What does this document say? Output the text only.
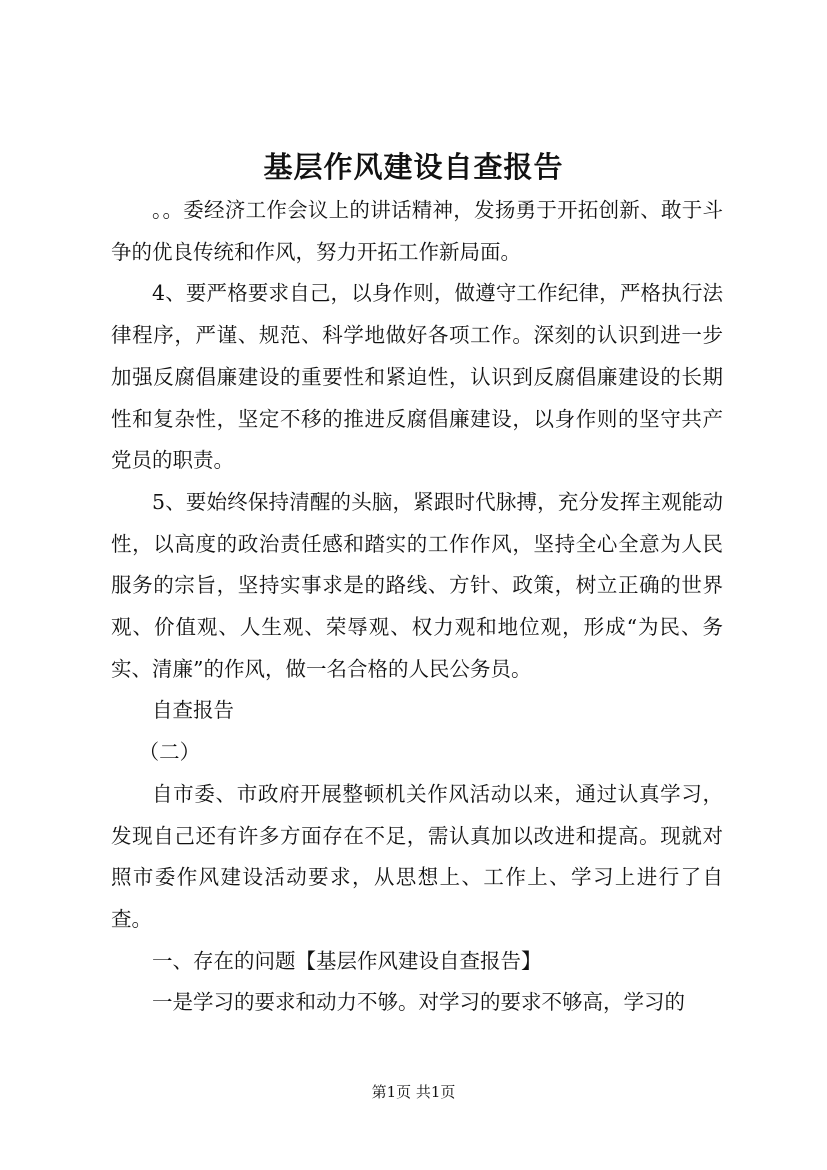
基层作风建设自查报告

。。委经济工作会议上的讲话精神，发扬勇于开拓创新、敢于斗争的优良传统和作风，努力开拓工作新局面。

4、要严格要求自己，以身作则，做遵守工作纪律，严格执行法律程序，严谨、规范、科学地做好各项工作。深刻的认识到进一步加强反腐倡廉建设的重要性和紧迫性，认识到反腐倡廉建设的长期性和复杂性，坚定不移的推进反腐倡廉建设，以身作则的坚守共产党员的职责。

5、要始终保持清醒的头脑，紧跟时代脉搏，充分发挥主观能动性，以高度的政治责任感和踏实的工作作风，坚持全心全意为人民服务的宗旨，坚持实事求是的路线、方针、政策，树立正确的世界观、价值观、人生观、荣辱观、权力观和地位观，形成“为民、务实、清廉”的作风，做一名合格的人民公务员。

自查报告

（二）

自市委、市政府开展整顿机关作风活动以来，通过认真学习，发现自己还有许多方面存在不足，需认真加以改进和提高。现就对照市委作风建设活动要求，从思想上、工作上、学习上进行了自查。

一、存在的问题【基层作风建设自查报告】

一是学习的要求和动力不够。对学习的要求不够高，学习的

第1页 共1页
